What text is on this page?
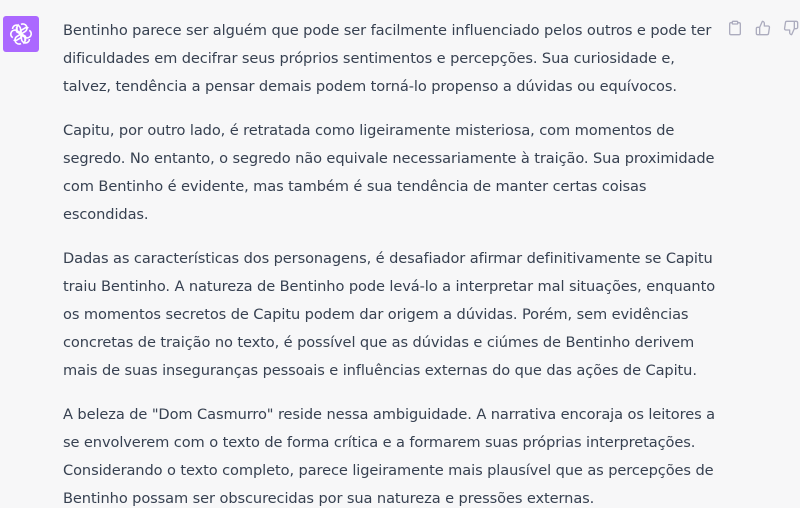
Bentinho parece ser alguém que pode ser facilmente influenciado pelos outros e pode ter dificuldades em decifrar seus próprios sentimentos e percepções. Sua curiosidade e, talvez, tendência a pensar demais podem torná-lo propenso a dúvidas ou equívocos.

Capitu, por outro lado, é retratada como ligeiramente misteriosa, com momentos de segredo. No entanto, o segredo não equivale necessariamente à traição. Sua proximidade com Bentinho é evidente, mas também é sua tendência de manter certas coisas escondidas.

Dadas as características dos personagens, é desafiador afirmar definitivamente se Capitu traiu Bentinho. A natureza de Bentinho pode levá-lo a interpretar mal situações, enquanto os momentos secretos de Capitu podem dar origem a dúvidas. Porém, sem evidências concretas de traição no texto, é possível que as dúvidas e ciúmes de Bentinho derivem mais de suas inseguranças pessoais e influências externas do que das ações de Capitu.

A beleza de "Dom Casmurro" reside nessa ambiguidade. A narrativa encoraja os leitores a se envolverem com o texto de forma crítica e a formarem suas próprias interpretações. Considerando o texto completo, parece ligeiramente mais plausível que as percepções de Bentinho possam ser obscurecidas por sua natureza e pressões externas.
